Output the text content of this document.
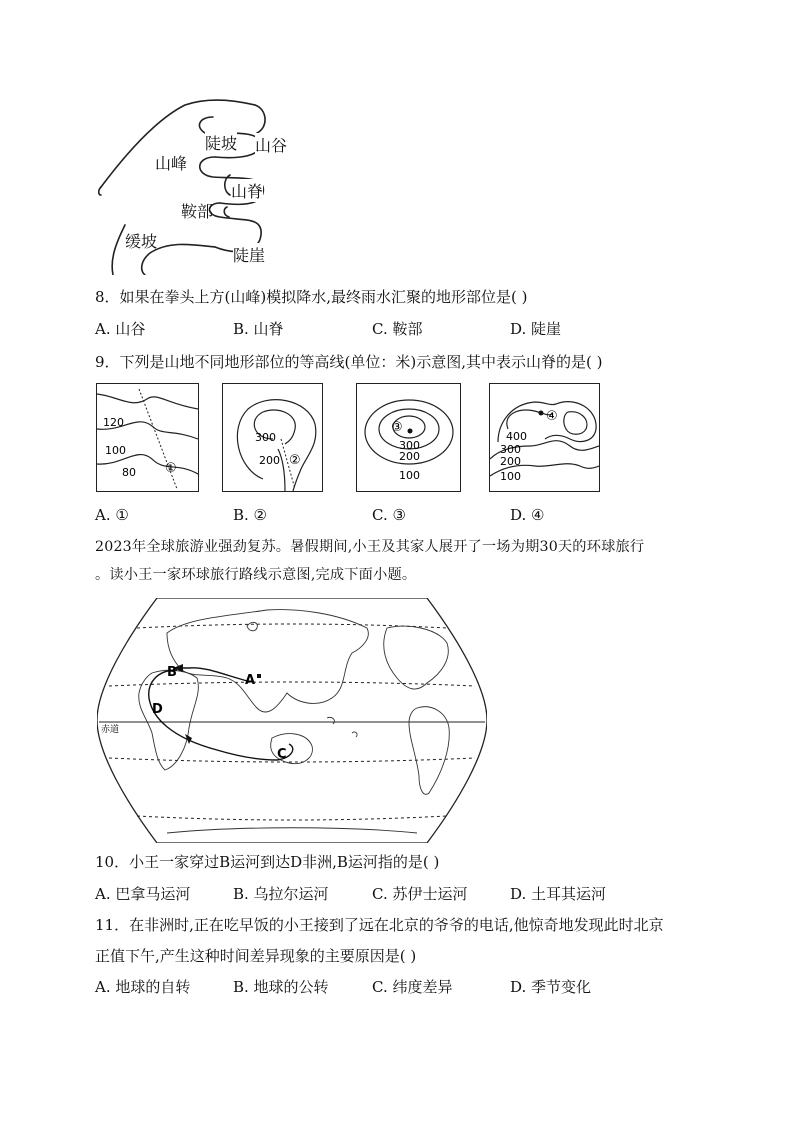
陡坡 山谷
山峰
山脊
鞍部
缓坡
陡崖
8．如果在拳头上方(山峰)模拟降水,最终雨水汇聚的地形部位是( )
A. 山谷	B. 山脊	C. 鞍部	D. 陡崖
9．下列是山地不同地形部位的等高线(单位：米)示意图,其中表示山脊的是( )
120
100
80 ①
300
200 ②
③
300
200
100
④
400
300
200
100
A. ①	B. ②	C. ③	D. ④
2023年全球旅游业强劲复苏。暑假期间,小王及其家人展开了一场为期30天的环球旅行
。读小王一家环球旅行路线示意图,完成下面小题。
赤道
A
B
C
D
10．小王一家穿过B运河到达D非洲,B运河指的是( )
A. 巴拿马运河	B. 乌拉尔运河	C. 苏伊士运河	D. 土耳其运河
11．在非洲时,正在吃早饭的小王接到了远在北京的爷爷的电话,他惊奇地发现此时北京
正值下午,产生这种时间差异现象的主要原因是( )
A. 地球的自转	B. 地球的公转	C. 纬度差异	D. 季节变化
